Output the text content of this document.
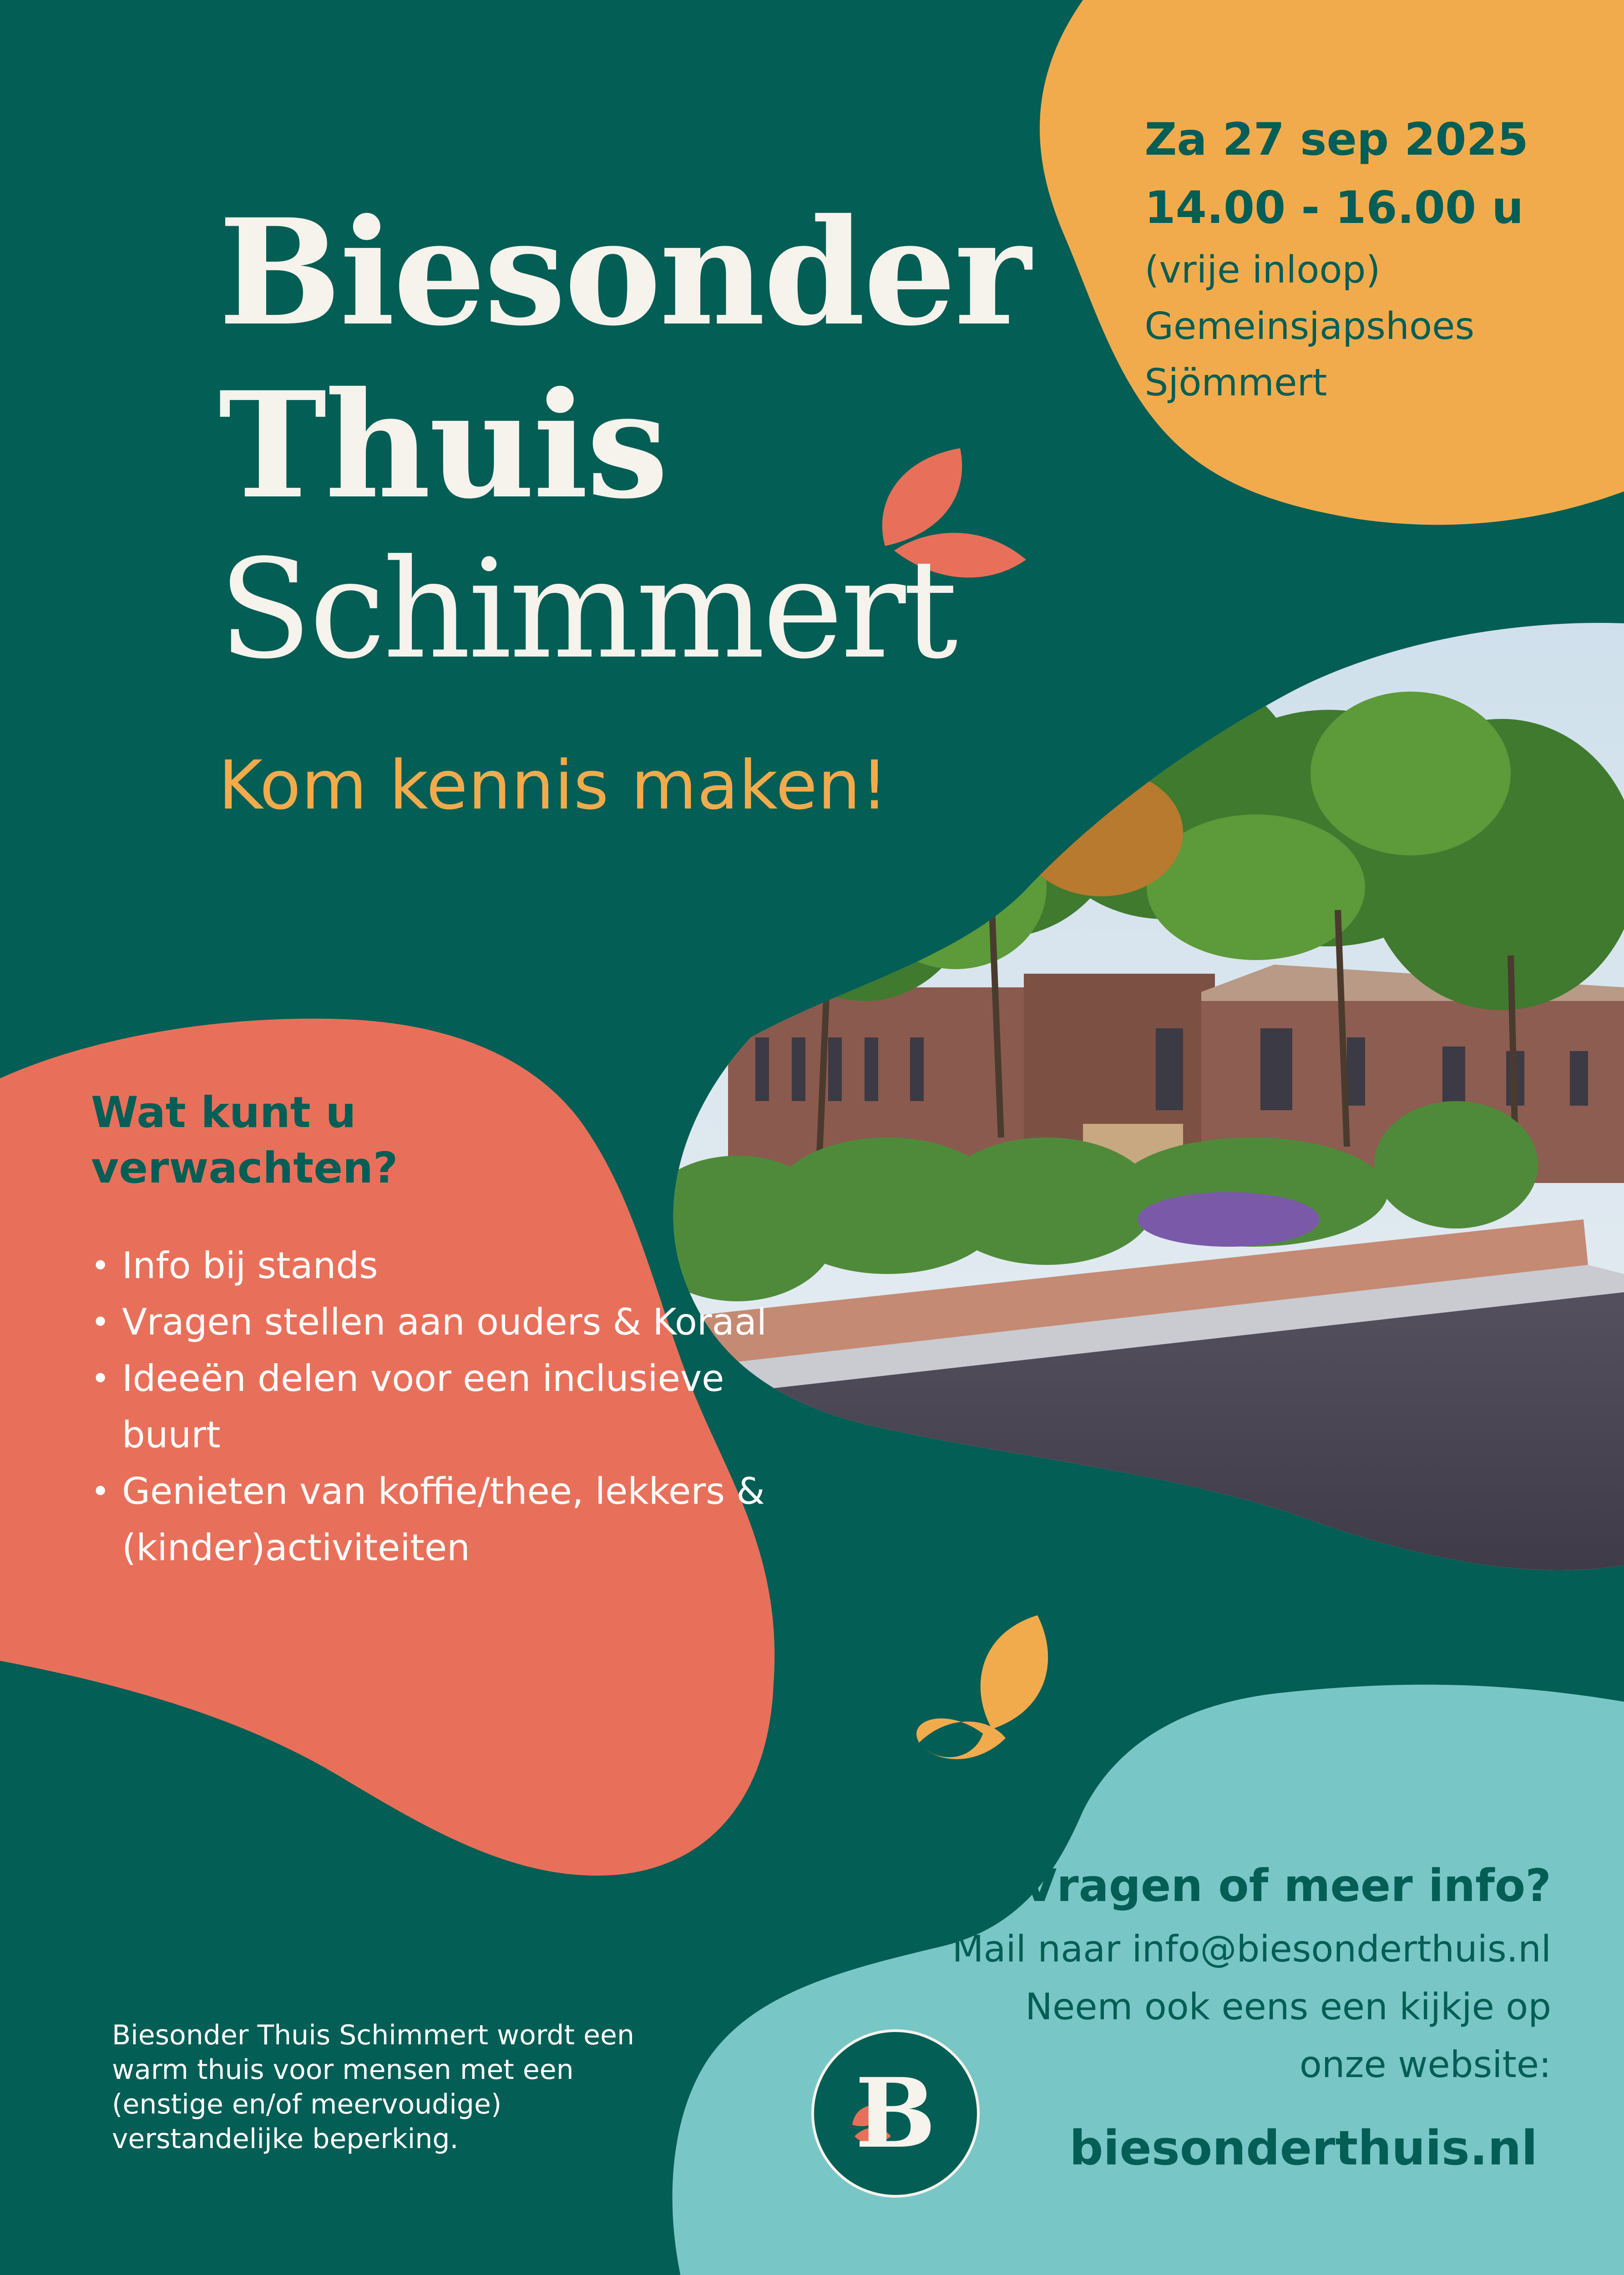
Biesonder
Thuis
Schimmert
Kom kennis maken!
Za 27 sep 2025
14.00 - 16.00 u
(vrije inloop)
Gemeinsjapshoes
Sjömmert
Wat kunt u verwachten?
• Info bij stands
• Vragen stellen aan ouders & Koraal
• Ideeën delen voor een inclusieve buurt
• Genieten van koffie/thee, lekkers & (kinder)activiteiten
Vragen of meer info?
Mail naar info@biesonderthuis.nl
Neem ook eens een kijkje op
onze website:
biesonderthuis.nl
Biesonder Thuis Schimmert wordt een warm thuis voor mensen met een (enstige en/of meervoudige) verstandelijke beperking.	B
